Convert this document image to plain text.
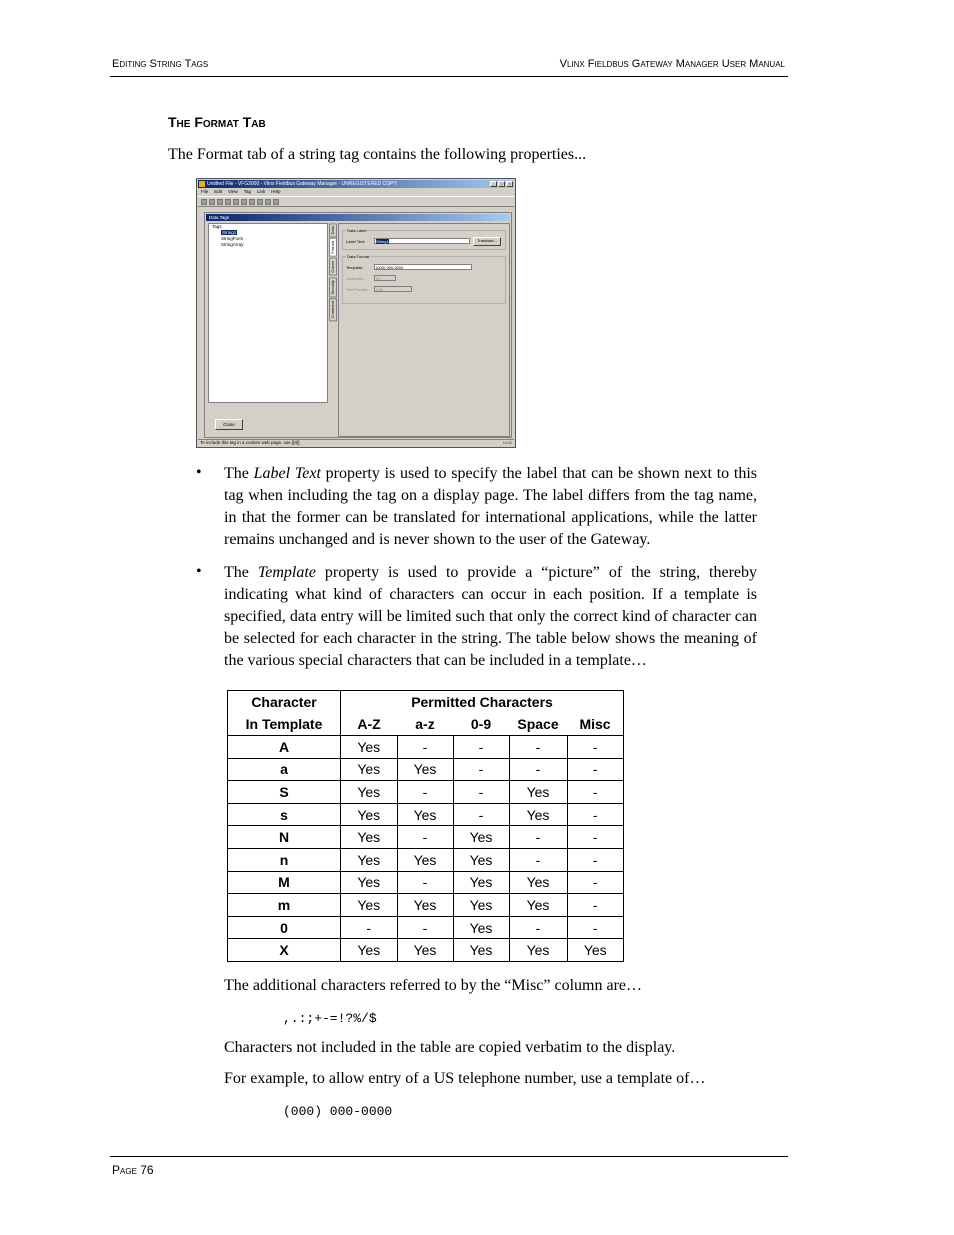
Editing String Tags	Vlinx Fieldbus Gateway Manager User Manual
The Format Tab
The Format tab of a string tag contains the following properties...
Untitled File - VFG3000 - Vlinx Fieldbus Gateway Manager - UNREGISTERED COPY	_	□	×
File Edit View Tag Link Help
Data Tags
Tags
String1
StringForm
StringArray
Close
Data
Format
Colors
Security
Comment
Data Label
Label Text:	String1	Translate...
Data Format
Template:	(000) 000-0000
Character:	20
Text Format:	Left
To include this tag in a custom web page, use [[0]]	NUM
• The Label Text property is used to specify the label that can be shown next to this tag when including the tag on a display page. The label differs from the tag name, in that the former can be translated for international applications, while the latter remains unchanged and is never shown to the user of the Gateway.
• The Template property is used to provide a “picture” of the string, thereby indicating what kind of characters can occur in each position. If a template is specified, data entry will be limited such that only the correct kind of character can be selected for each character in the string. The table below shows the meaning of the various special characters that can be included in a template…
Character	Permitted Characters				
In Template	A-Z	a-z	0-9	Space	Misc
A	Yes	-	-	-	-
a	Yes	Yes	-	-	-
S	Yes	-	-	Yes	-
s	Yes	Yes	-	Yes	-
N	Yes	-	Yes	-	-
n	Yes	Yes	Yes	-	-
M	Yes	-	Yes	Yes	-
m	Yes	Yes	Yes	Yes	-
0	-	-	Yes	-	-
X	Yes	Yes	Yes	Yes	Yes
The additional characters referred to by the “Misc” column are…
,.:;+-=!?%/$
Characters not included in the table are copied verbatim to the display.
For example, to allow entry of a US telephone number, use a template of…
(000) 000-0000
Page 76
